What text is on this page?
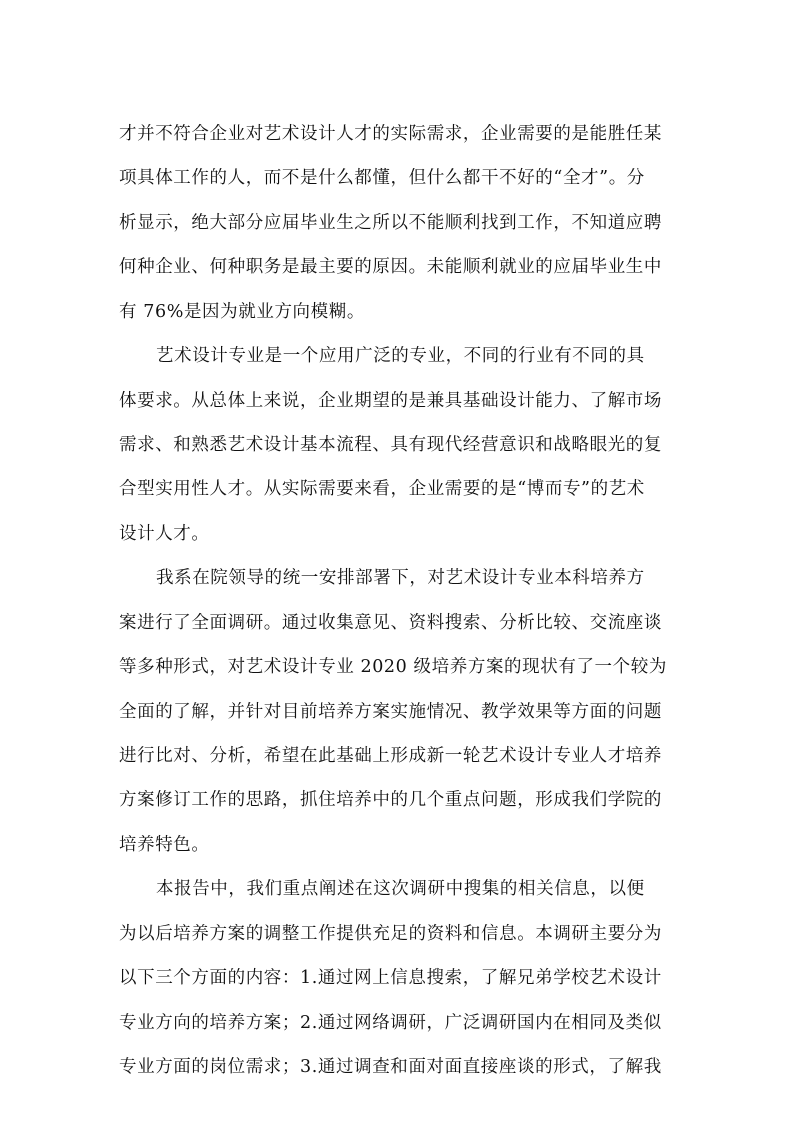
才并不符合企业对艺术设计人才的实际需求，企业需要的是能胜任某
项具体工作的人，而不是什么都懂，但什么都干不好的“全才”。分
析显示，绝大部分应届毕业生之所以不能顺利找到工作，不知道应聘
何种企业、何种职务是最主要的原因。未能顺利就业的应届毕业生中
有 76%是因为就业方向模糊。
艺术设计专业是一个应用广泛的专业，不同的行业有不同的具
体要求。从总体上来说，企业期望的是兼具基础设计能力、了解市场
需求、和熟悉艺术设计基本流程、具有现代经营意识和战略眼光的复
合型实用性人才。从实际需要来看，企业需要的是“博而专”的艺术
设计人才。
我系在院领导的统一安排部署下，对艺术设计专业本科培养方
案进行了全面调研。通过收集意见、资料搜索、分析比较、交流座谈
等多种形式，对艺术设计专业 2020 级培养方案的现状有了一个较为
全面的了解，并针对目前培养方案实施情况、教学效果等方面的问题
进行比对、分析，希望在此基础上形成新一轮艺术设计专业人才培养
方案修订工作的思路，抓住培养中的几个重点问题，形成我们学院的
培养特色。
本报告中，我们重点阐述在这次调研中搜集的相关信息，以便
为以后培养方案的调整工作提供充足的资料和信息。本调研主要分为
以下三个方面的内容：1.通过网上信息搜索，了解兄弟学校艺术设计
专业方向的培养方案；2.通过网络调研，广泛调研国内在相同及类似
专业方面的岗位需求；3.通过调查和面对面直接座谈的形式，了解我
